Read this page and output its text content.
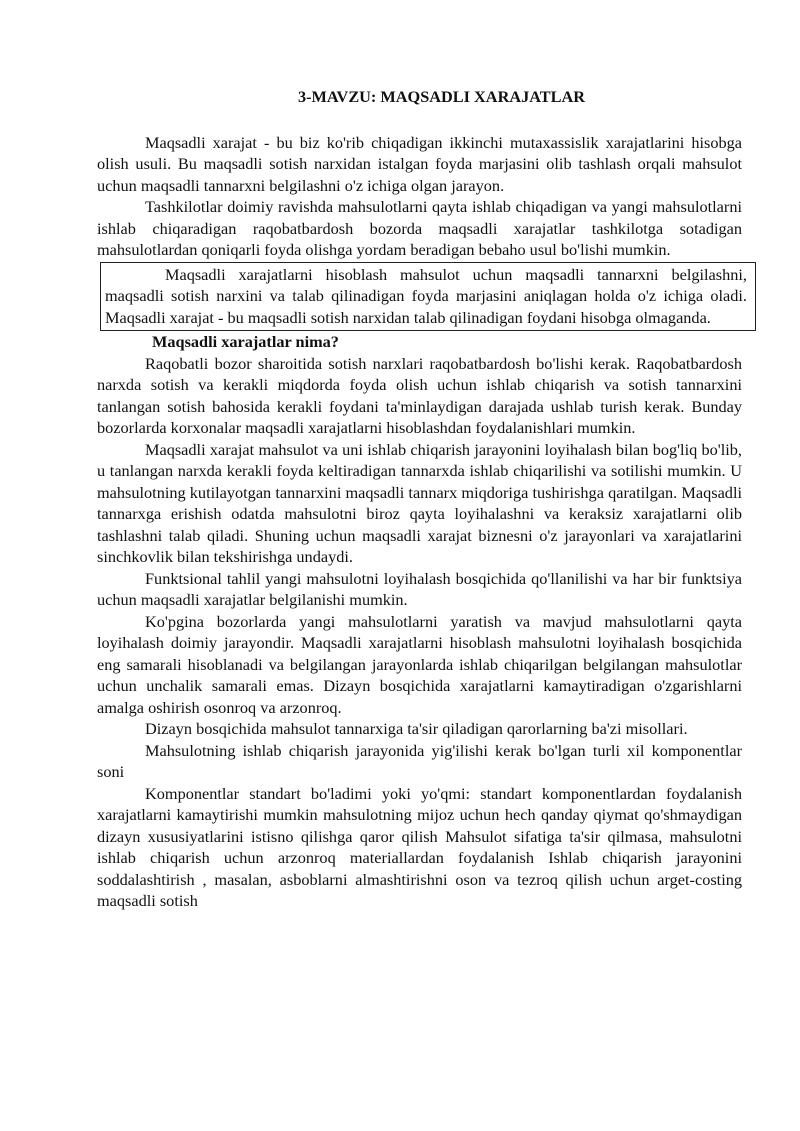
3-MAVZU: MAQSADLI XARAJATLAR

Maqsadli xarajat - bu biz ko'rib chiqadigan ikkinchi mutaxassislik xarajatlarini hisobga olish usuli. Bu maqsadli sotish narxidan istalgan foyda marjasini olib tashlash orqali mahsulot uchun maqsadli tannarxni belgilashni o'z ichiga olgan jarayon.

Tashkilotlar doimiy ravishda mahsulotlarni qayta ishlab chiqadigan va yangi mahsulotlarni ishlab chiqaradigan raqobatbardosh bozorda maqsadli xarajatlar tashkilotga sotadigan mahsulotlardan qoniqarli foyda olishga yordam beradigan bebaho usul bo'lishi mumkin.

Maqsadli xarajatlarni hisoblash mahsulot uchun maqsadli tannarxni belgilashni, maqsadli sotish narxini va talab qilinadigan foyda marjasini aniqlagan holda o'z ichiga oladi. Maqsadli xarajat - bu maqsadli sotish narxidan talab qilinadigan foydani hisobga olmaganda.

Maqsadli xarajatlar nima?

Raqobatli bozor sharoitida sotish narxlari raqobatbardosh bo'lishi kerak. Raqobatbardosh narxda sotish va kerakli miqdorda foyda olish uchun ishlab chiqarish va sotish tannarxini tanlangan sotish bahosida kerakli foydani ta'minlaydigan darajada ushlab turish kerak. Bunday bozorlarda korxonalar maqsadli xarajatlarni hisoblashdan foydalanishlari mumkin.

Maqsadli xarajat mahsulot va uni ishlab chiqarish jarayonini loyihalash bilan bog'liq bo'lib, u tanlangan narxda kerakli foyda keltiradigan tannarxda ishlab chiqarilishi va sotilishi mumkin. U mahsulotning kutilayotgan tannarxini maqsadli tannarx miqdoriga tushirishga qaratilgan. Maqsadli tannarxga erishish odatda mahsulotni biroz qayta loyihalashni va keraksiz xarajatlarni olib tashlashni talab qiladi. Shuning uchun maqsadli xarajat biznesni o'z jarayonlari va xarajatlarini sinchkovlik bilan tekshirishga undaydi.

Funktsional tahlil yangi mahsulotni loyihalash bosqichida qo'llanilishi va har bir funktsiya uchun maqsadli xarajatlar belgilanishi mumkin.

Ko'pgina bozorlarda yangi mahsulotlarni yaratish va mavjud mahsulotlarni qayta loyihalash doimiy jarayondir. Maqsadli xarajatlarni hisoblash mahsulotni loyihalash bosqichida eng samarali hisoblanadi va belgilangan jarayonlarda ishlab chiqarilgan belgilangan mahsulotlar uchun unchalik samarali emas. Dizayn bosqichida xarajatlarni kamaytiradigan o'zgarishlarni amalga oshirish osonroq va arzonroq.

Dizayn bosqichida mahsulot tannarxiga ta'sir qiladigan qarorlarning ba'zi misollari.

Mahsulotning ishlab chiqarish jarayonida yig'ilishi kerak bo'lgan turli xil komponentlar soni

Komponentlar standart bo'ladimi yoki yo'qmi: standart komponentlardan foydalanish xarajatlarni kamaytirishi mumkin mahsulotning mijoz uchun hech qanday qiymat qo'shmaydigan dizayn xususiyatlarini istisno qilishga qaror qilish Mahsulot sifatiga ta'sir qilmasa, mahsulotni ishlab chiqarish uchun arzonroq materiallardan foydalanish Ishlab chiqarish jarayonini soddalashtirish , masalan, asboblarni almashtirishni oson va tezroq qilish uchun arget-costing maqsadli sotish
